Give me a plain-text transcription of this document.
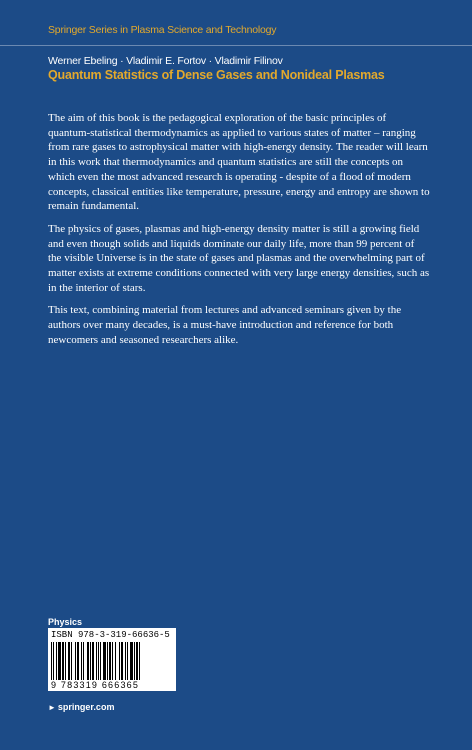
Springer Series in Plasma Science and Technology
Werner Ebeling · Vladimir E. Fortov · Vladimir Filinov
Quantum Statistics of Dense Gases and Nonideal Plasmas

The aim of this book is the pedagogical exploration of the basic principles of quantum-statistical thermodynamics as applied to various states of matter – ranging from rare gases to astrophysical matter with high-energy density. The reader will learn in this work that thermodynamics and quantum statistics are still the concepts on which even the most advanced research is operating - despite of a flood of modern concepts, classical entities like temperature, pressure, energy and entropy are shown to remain fundamental.

The physics of gases, plasmas and high-energy density matter is still a growing field and even though solids and liquids dominate our daily life, more than 99 percent of the visible Universe is in the state of gases and plasmas and the overwhelming part of matter exists at extreme conditions connected with very large energy densities, such as in the interior of stars.

This text, combining material from lectures and advanced seminars given by the authors over many decades, is a must-have introduction and reference for both newcomers and seasoned researchers alike.

Physics
ISBN 978-3-319-66636-5
9 783319 666365
► springer.com
